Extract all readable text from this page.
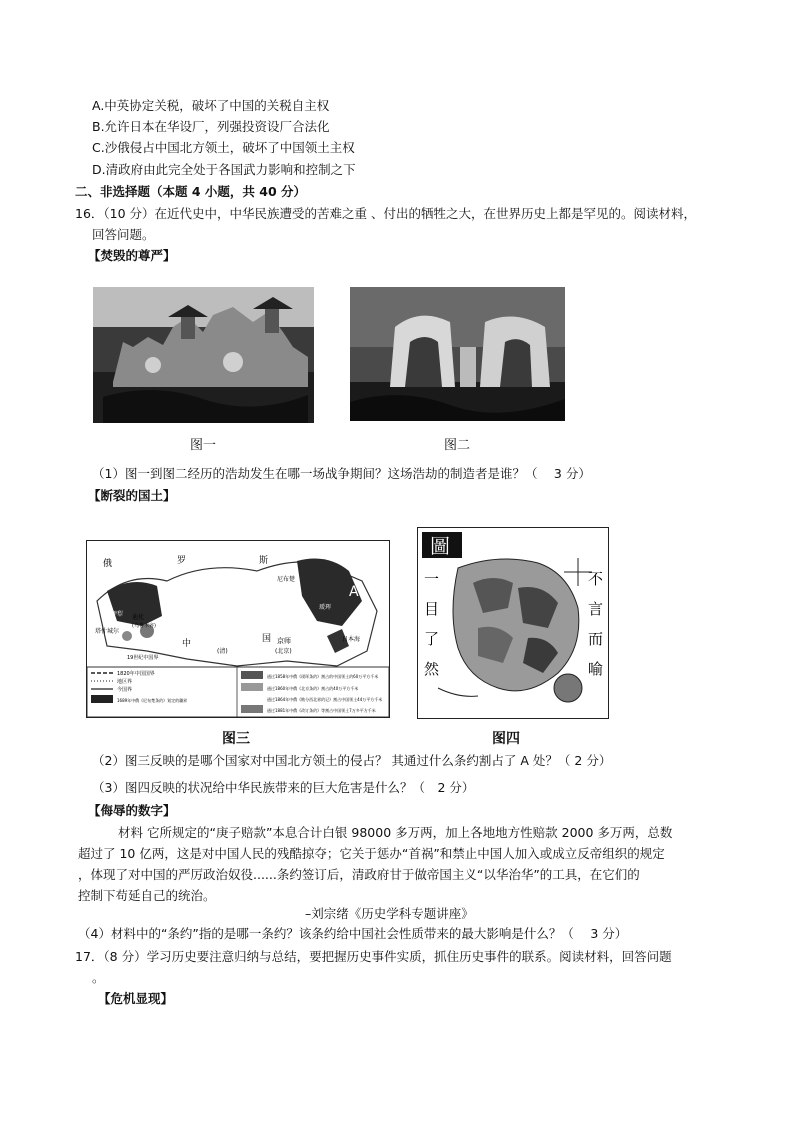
A.中英协定关税，破坏了中国的关税自主权
B.允许日本在华设厂，列强投资设厂合法化
C.沙俄侵占中国北方领土，破坏了中国领土主权
D.清政府由此完全处于各国武力影响和控制之下
二、非选择题（本题 4 小题，共 40 分）
16．（10 分）在近代史中，中华民族遭受的苦难之重 、付出的牺牲之大，在世界历史上都是罕见的。阅读材料，
回答问题。
【焚毁的尊严】
图一	图二
（1）图一到图二经历的浩劫发生在哪一场战争期间？这场浩劫的制造者是谁？（　 3 分）
【断裂的国土】
俄	罗	斯
尼布楚
伊犁
塔什城尔
迪化
(乌鲁木齐)
中	国 京师
(北京)
(清)
日本海
瑷珲
A
19世纪中国界
1820年中国国界	通过1858年中俄《瑷珲条约》割占的中国领土约60万平方千米
地区界
通过1860年中俄《北京条约》割占约40万平方千米
今国界
通过1864年中俄《勘分西北界约记》割占中国领土44万平方千米
1689年中俄《尼布楚条约》划定的疆界
通过1881年中俄《改订条约》等割占中国领土7万多平方千米
图三
圖
一
目
了
然
不
言
而
喻
图四
（2）图三反映的是哪个国家对中国北方领土的侵占？ 其通过什么条约割占了 A 处？（ 2 分）
（3）图四反映的状况给中华民族带来的巨大危害是什么？（　2 分）
【侮辱的数字】
材料 它所规定的“庚子赔款”本息合计白银 98000 多万两，加上各地地方性赔款 2000 多万两，总数
超过了 10 亿两，这是对中国人民的残酷掠夺；它关于惩办“首祸”和禁止中国人加入或成立反帝组织的规定
，体现了对中国的严厉政治奴役......条约签订后，清政府甘于做帝国主义“以华治华”的工具，在它们的
控制下苟延自己的统治。
–刘宗绪《历史学科专题讲座》
（4）材料中的“条约”指的是哪一条约？该条约给中国社会性质带来的最大影响是什么？（　 3 分）
17．（8 分）学习历史要注意归纳与总结，要把握历史事件实质，抓住历史事件的联系。阅读材料，回答问题
。
【危机显现】
